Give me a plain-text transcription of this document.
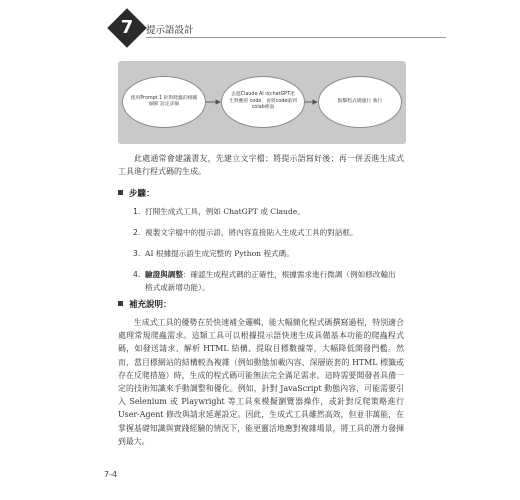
7	提示語設計
使用Prompt 1 針對爬蟲的相關細節 設定詳細
丟進Claude AI 或chatGPT產生對應的 code，再將code貼到 colab裡面
點擊程式碼運行 執行
此處通常會建議書友，先建立文字檔；將提示語寫好後；再一併丟進生成式工具進行程式碼的生成。
步驟：
1. 打開生成式工具，例如 ChatGPT 或 Claude。
2. 複製文字檔中的提示語，將內容直接貼入生成式工具的對話框。
3. AI 根據提示語生成完整的 Python 程式碼。
4. 驗證與調整：確認生成程式碼的正確性，根據需求進行微調（例如修改輸出格式或新增功能）。
補充說明：
生成式工具的優勢在於快速補全邏輯，能大幅簡化程式碼撰寫過程，特別適合處理常規爬蟲需求。這類工具可以根據提示語快速生成具備基本功能的爬蟲程式碼，如發送請求、解析 HTML 結構、提取目標數據等，大幅降低開發門檻。然而，當目標網站的結構較為複雜（例如動態加載內容、深層嵌套的 HTML 標籤或存在反爬措施）時，生成的程式碼可能無法完全滿足需求。這時需要開發者具備一定的技術知識來手動調整和優化。例如，針對 JavaScript 動態內容，可能需要引入 Selenium 或 Playwright 等工具來模擬瀏覽器操作，或針對反爬策略進行 User-Agent 修改與請求延遲設定。因此，生成式工具雖然高效，但並非萬能，在掌握基礎知識與實踐經驗的情況下，能更靈活地應對複雜場景，將工具的潛力發揮到最大。
7-4
